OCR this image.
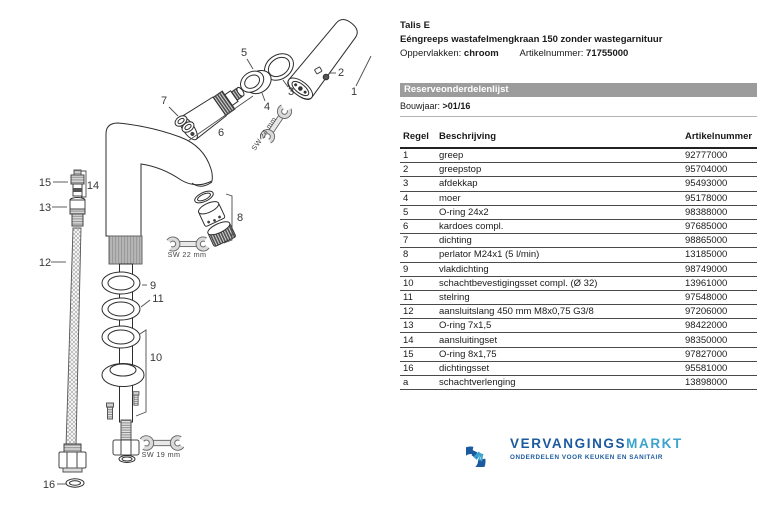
1
2
3
4
5
6
7
8
9
10
11
12
13
14
15
16
SW 24 mm
SW 22 mm
SW 19 mm
Talis E
Eéngreeps wastafelmengkraan 150 zonder wastegarnituur
Oppervlakken: chroom Artikelnummer: 71755000
Reserveonderdelenlijst
Bouwjaar: >01/16
Regel	Beschrijving	Artikelnummer
1	greep	92777000
2	greepstop	95704000
3	afdekkap	95493000
4	moer	95178000
5	O-ring 24x2	98388000
6	kardoes compl.	97685000
7	dichting	98865000
8	perlator M24x1 (5 l/min)	13185000
9	vlakdichting	98749000
10	schachtbevestigingsset compl. (Ø 32)	13961000
11	stelring	97548000
12	aansluitslang 450 mm M8x0,75 G3/8	97206000
13	O-ring 7x1,5	98422000
14	aansluitingset	98350000
15	O-ring 8x1,75	97827000
16	dichtingsset	95581000
a	schachtverlenging	13898000
VERVANGINGSMARKT
ONDERDELEN VOOR KEUKEN EN SANITAIR
